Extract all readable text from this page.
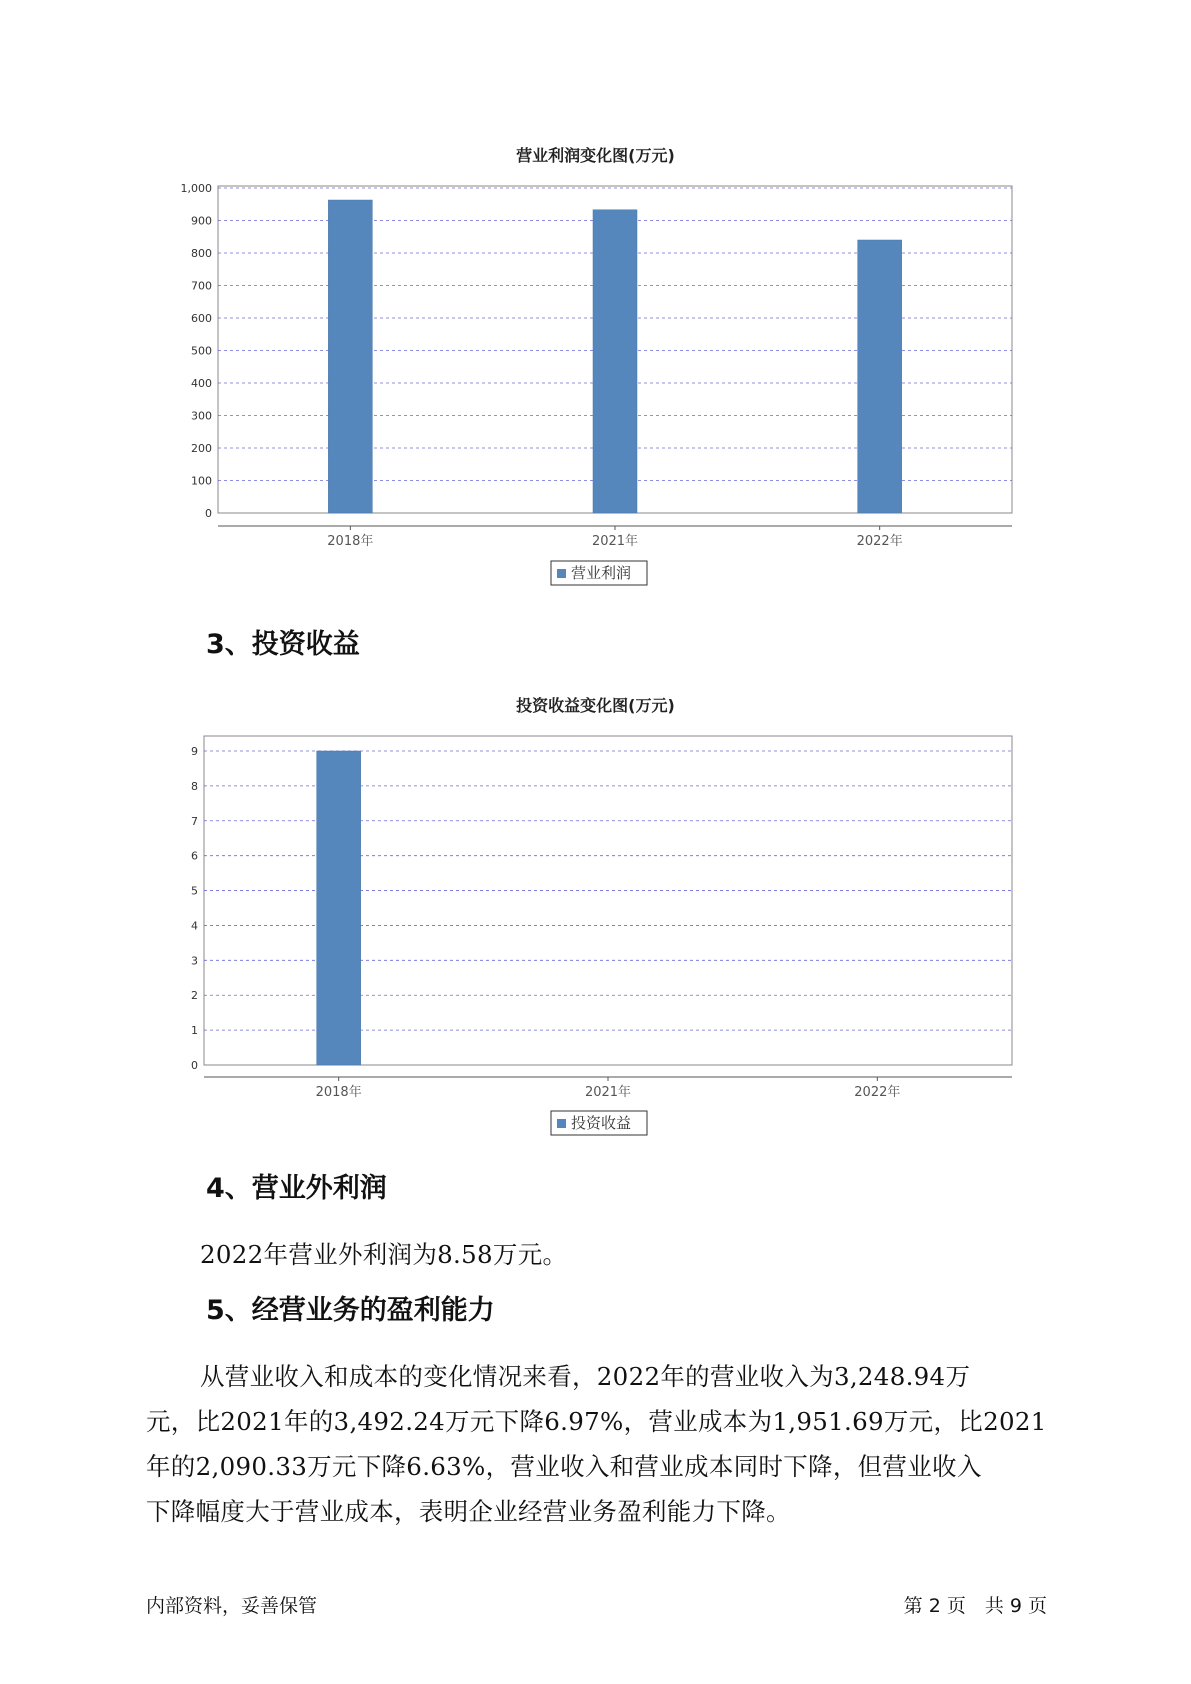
营业利润变化图(万元)
0
100
200
300
400
500
600
700
800
900
1,000
2018年	2021年	2022年
营业利润
3、投资收益
投资收益变化图(万元)
0
1
2
3
4
5
6
7
8
9
2018年	2021年	2022年
投资收益
4、营业外利润
2022年营业外利润为8.58万元。
5、经营业务的盈利能力
从营业收入和成本的变化情况来看，2022年的营业收入为3,248.94万
元，比2021年的3,492.24万元下降6.97%，营业成本为1,951.69万元，比2021
年的2,090.33万元下降6.63%，营业收入和营业成本同时下降，但营业收入
下降幅度大于营业成本，表明企业经营业务盈利能力下降。
内部资料，妥善保管	第 2 页　共 9 页
